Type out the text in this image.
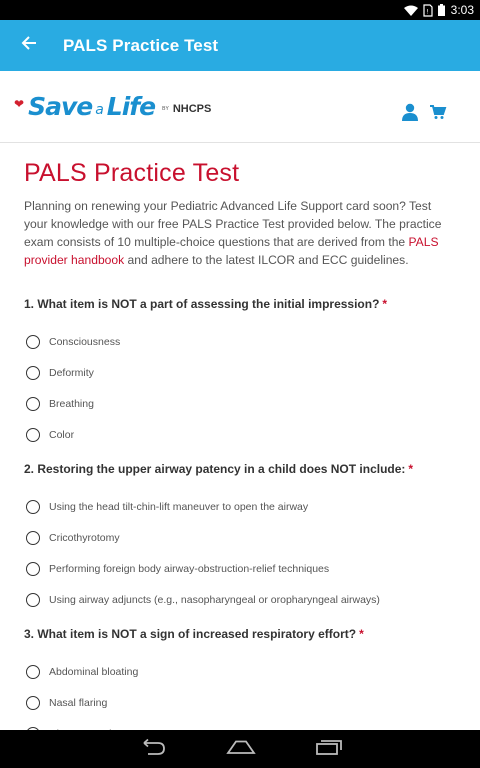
! 3:03
PALS Practice Test
❤ Save a Life BY NHCPS
PALS Practice Test

Planning on renewing your Pediatric Advanced Life Support card soon? Test your knowledge with our free PALS Practice Test provided below. The practice exam consists of 10 multiple-choice questions that are derived from the PALS provider handbook and adhere to the latest ILCOR and ECC guidelines.

1. What item is NOT a part of assessing the initial impression? *
Consciousness
Deformity
Breathing
Color
2. Restoring the upper airway patency in a child does NOT include: *
Using the head tilt-chin-lift maneuver to open the airway
Cricothyrotomy
Performing foreign body airway-obstruction-relief techniques
Using airway adjuncts (e.g., nasopharyngeal or oropharyngeal airways)
3. What item is NOT a sign of increased respiratory effort? *
Abdominal bloating
Nasal flaring
